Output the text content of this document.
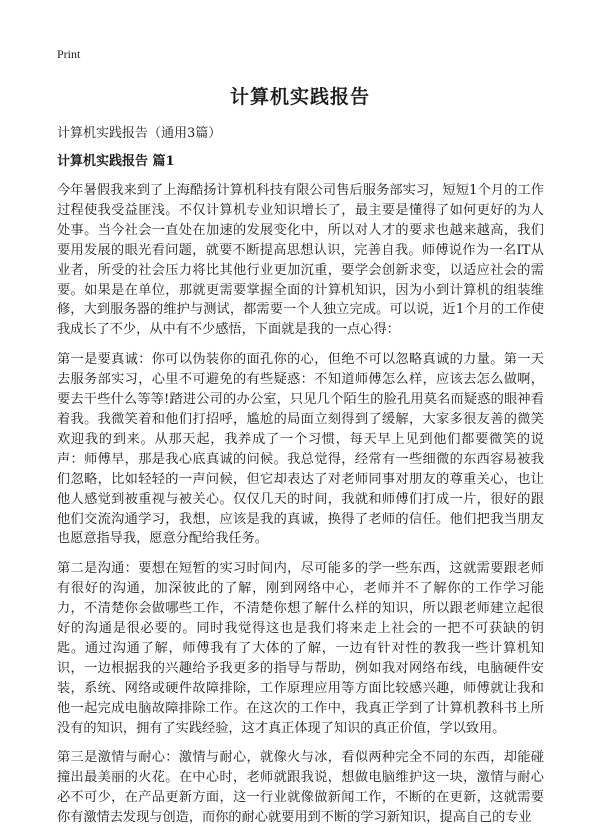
Print
计算机实践报告

计算机实践报告（通用3篇）

计算机实践报告 篇1

今年暑假我来到了上海酷扬计算机科技有限公司售后服务部实习，短短1个月的工作过程使我受益匪浅。不仅计算机专业知识增长了，最主要是懂得了如何更好的为人处事。当今社会一直处在加速的发展变化中，所以对人才的要求也越来越高，我们要用发展的眼光看问题，就要不断提高思想认识，完善自我。师傅说作为一名IT从业者，所受的社会压力将比其他行业更加沉重，要学会创新求变，以适应社会的需要。如果是在单位，那就更需要掌握全面的计算机知识，因为小到计算机的组装维修，大到服务器的维护与测试，都需要一个人独立完成。可以说，近1个月的工作使我成长了不少，从中有不少感悟，下面就是我的一点心得：

第一是要真诚：你可以伪装你的面孔你的心，但绝不可以忽略真诚的力量。第一天去服务部实习，心里不可避免的有些疑惑：不知道师傅怎么样，应该去怎么做啊，要去干些什么等等!踏进公司的办公室，只见几个陌生的脸孔用莫名而疑惑的眼神看着我。我微笑着和他们打招呼，尴尬的局面立刻得到了缓解，大家多很友善的微笑欢迎我的到来。从那天起，我养成了一个习惯，每天早上见到他们都要微笑的说声：师傅早，那是我心底真诚的问候。我总觉得，经常有一些细微的东西容易被我们忽略，比如轻轻的一声问候，但它却表达了对老师同事对朋友的尊重关心，也让他人感觉到被重视与被关心。仅仅几天的时间，我就和师傅们打成一片，很好的跟他们交流沟通学习，我想，应该是我的真诚，换得了老师的信任。他们把我当朋友也愿意指导我，愿意分配给我任务。

第二是沟通：要想在短暂的实习时间内，尽可能多的学一些东西，这就需要跟老师有很好的沟通，加深彼此的了解，刚到网络中心，老师并不了解你的工作学习能力，不清楚你会做哪些工作，不清楚你想了解什么样的知识，所以跟老师建立起很好的沟通是很必要的。同时我觉得这也是我们将来走上社会的一把不可获缺的钥匙。通过沟通了解，师傅我有了大体的了解，一边有针对性的教我一些计算机知识，一边根据我的兴趣给予我更多的指导与帮助，例如我对网络布线，电脑硬件安装，系统、网络或硬件故障排除，工作原理应用等方面比较感兴趣，师傅就让我和他一起完成电脑故障排除工作。在这次的工作中，我真正学到了计算机教科书上所没有的知识，拥有了实践经验，这才真正体现了知识的真正价值，学以致用。

第三是激情与耐心：激情与耐心，就像火与冰，看似两种完全不同的东西，却能碰撞出最美丽的火花。在中心时，老师就跟我说，想做电脑维护这一块，激情与耐心必不可少，在产品更新方面，这一行业就像做新闻工作，不断的在更新，这就需要你有激情去发现与创造，而你的耐心就要用到不断的学习新知识，提高自己的专业
